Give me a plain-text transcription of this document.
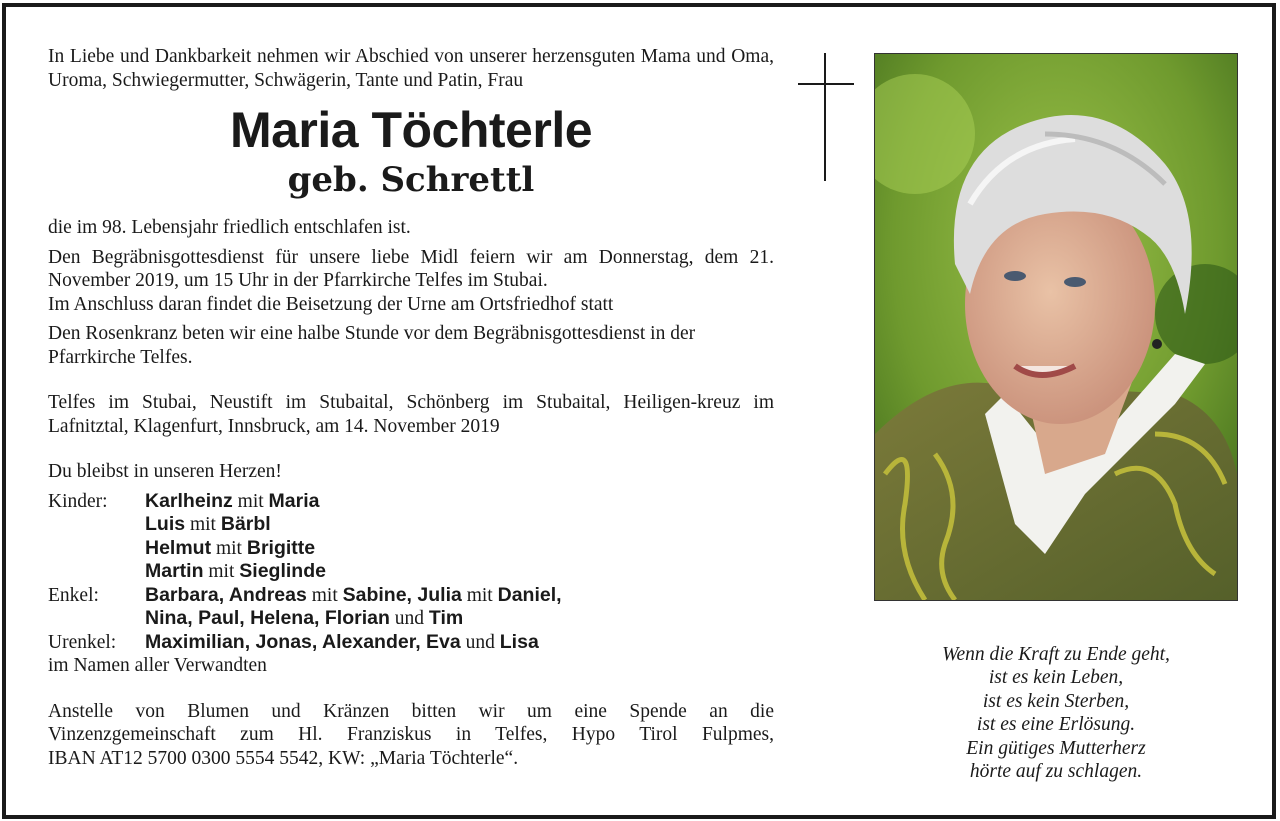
In Liebe und Dankbarkeit nehmen wir Abschied von unserer herzensguten Mama und Oma, Uroma, Schwiegermutter, Schwägerin, Tante und Patin, Frau
Maria Töchterle
geb. Schrettl
die im 98. Lebensjahr friedlich entschlafen ist.
Den Begräbnisgottesdienst für unsere liebe Midl feiern wir am Donnerstag, dem 21. November 2019, um 15 Uhr in der Pfarrkirche Telfes im Stubai.
Im Anschluss daran findet die Beisetzung der Urne am Ortsfriedhof statt
Den Rosenkranz beten wir eine halbe Stunde vor dem Begräbnisgottesdienst in der Pfarrkirche Telfes.
Telfes im Stubai, Neustift im Stubaital, Schönberg im Stubaital, Heiligen-kreuz im Lafnitztal, Klagenfurt, Innsbruck, am 14. November 2019
Du bleibst in unseren Herzen!
Kinder:	Karlheinz mit Maria
Luis mit Bärbl
Helmut mit Brigitte
Martin mit Sieglinde
Enkel:	Barbara, Andreas mit Sabine, Julia mit Daniel,
Nina, Paul, Helena, Florian und Tim
Urenkel:	Maximilian, Jonas, Alexander, Eva und Lisa
im Namen aller Verwandten
Anstelle von Blumen und Kränzen bitten wir um eine Spende an die
Vinzenzgemeinschaft zum Hl. Franziskus in Telfes, Hypo Tirol Fulpmes,
IBAN AT12 5700 0300 5554 5542, KW: „Maria Töchterle“.
Wenn die Kraft zu Ende geht,
ist es kein Leben,
ist es kein Sterben,
ist es eine Erlösung.
Ein gütiges Mutterherz
hörte auf zu schlagen.
